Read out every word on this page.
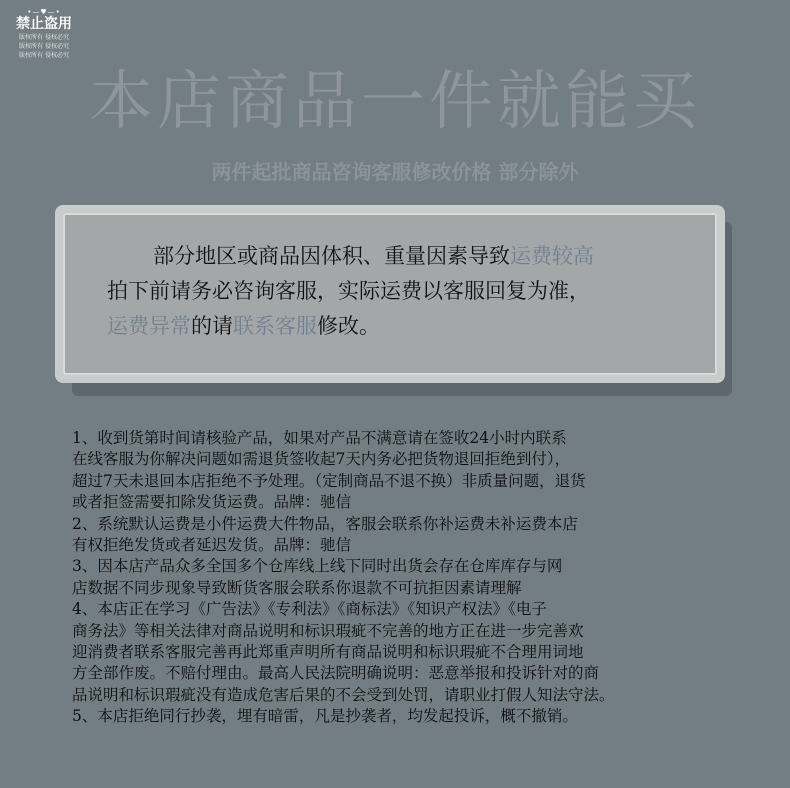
•—♥—•
禁止盗用
版权所有 侵权必究
版权所有 侵权必究
版权所有 侵权必究
本店商品一件就能买
两件起批商品咨询客服修改价格 部分除外
部分地区或商品因体积、重量因素导致运费较高
拍下前请务必咨询客服，实际运费以客服回复为准，
运费异常的请联系客服修改。
1、收到货第时间请核验产品，如果对产品不满意请在签收24小时内联系
在线客服为你解决问题如需退货签收起7天内务必把货物退回拒绝到付），
超过7天未退回本店拒绝不予处理。（定制商品不退不换）非质量问题，退货
或者拒签需要扣除发货运费。品牌：驰信
2、系统默认运费是小件运费大件物品，客服会联系你补运费未补运费本店
有权拒绝发货或者延迟发货。品牌：驰信
3、因本店产品众多全国多个仓库线上线下同时出货会存在仓库库存与网
店数据不同步现象导致断货客服会联系你退款不可抗拒因素请理解
4、本店正在学习《广告法》《专利法》《商标法》《知识产权法》《电子
商务法》等相关法律对商品说明和标识瑕疵不完善的地方正在进一步完善欢
迎消费者联系客服完善再此郑重声明所有商品说明和标识瑕疵不合理用词地
方全部作废。不赔付理由。最高人民法院明确说明：恶意举报和投诉针对的商
品说明和标识瑕疵没有造成危害后果的不会受到处罚，请职业打假人知法守法。
5、本店拒绝同行抄袭，埋有暗雷，凡是抄袭者，均发起投诉，概不撤销。
